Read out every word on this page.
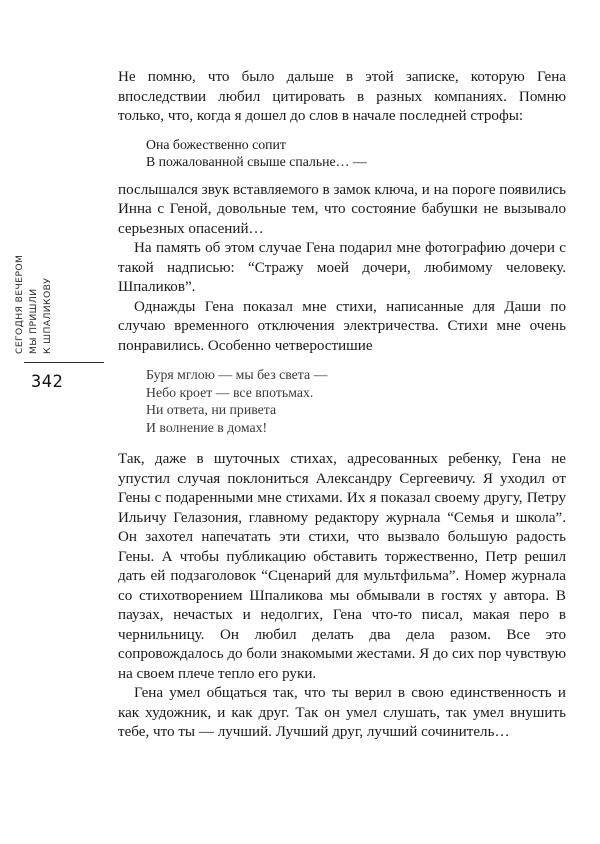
СЕГОДНЯ ВЕЧЕРОМ МЫ ПРИШЛИ К ШПАЛИКОВУ
342

Не помню, что было дальше в этой записке, которую Гена впоследствии любил цитировать в разных компаниях. Помню только, что, когда я дошел до слов в начале последней строфы:

Она божественно сопит
В пожалованной свыше спальне… —

послышался звук вставляемого в замок ключа, и на пороге появились Инна с Геной, довольные тем, что состояние бабушки не вызывало серьезных опасений…

На память об этом случае Гена подарил мне фотографию дочери с такой надписью: “Стражу моей дочери, любимому человеку. Шпаликов”.

Однажды Гена показал мне стихи, написанные для Даши по случаю временного отключения электричества. Стихи мне очень понравились. Особенно четверостишие

Буря мглою — мы без света —
Небо кроет — все впотьмах.
Ни ответа, ни привета
И волнение в домах!

Так, даже в шуточных стихах, адресованных ребенку, Гена не упустил случая поклониться Александру Сергеевичу. Я уходил от Гены с подаренными мне стихами. Их я показал своему другу, Петру Ильичу Гелазония, главному редактору журнала “Семья и школа”. Он захотел напечатать эти стихи, что вызвало большую радость Гены. А чтобы публикацию обставить торжественно, Петр решил дать ей подзаголовок “Сценарий для мультфильма”. Номер журнала со стихотворением Шпаликова мы обмывали в гостях у автора. В паузах, нечастых и недолгих, Гена что-то писал, макая перо в чернильницу. Он любил делать два дела разом. Все это сопровождалось до боли знакомыми жестами. Я до сих пор чувствую на своем плече тепло его руки.

Гена умел общаться так, что ты верил в свою единственность и как художник, и как друг. Так он умел слушать, так умел внушить тебе, что ты — лучший. Лучший друг, лучший сочинитель…
